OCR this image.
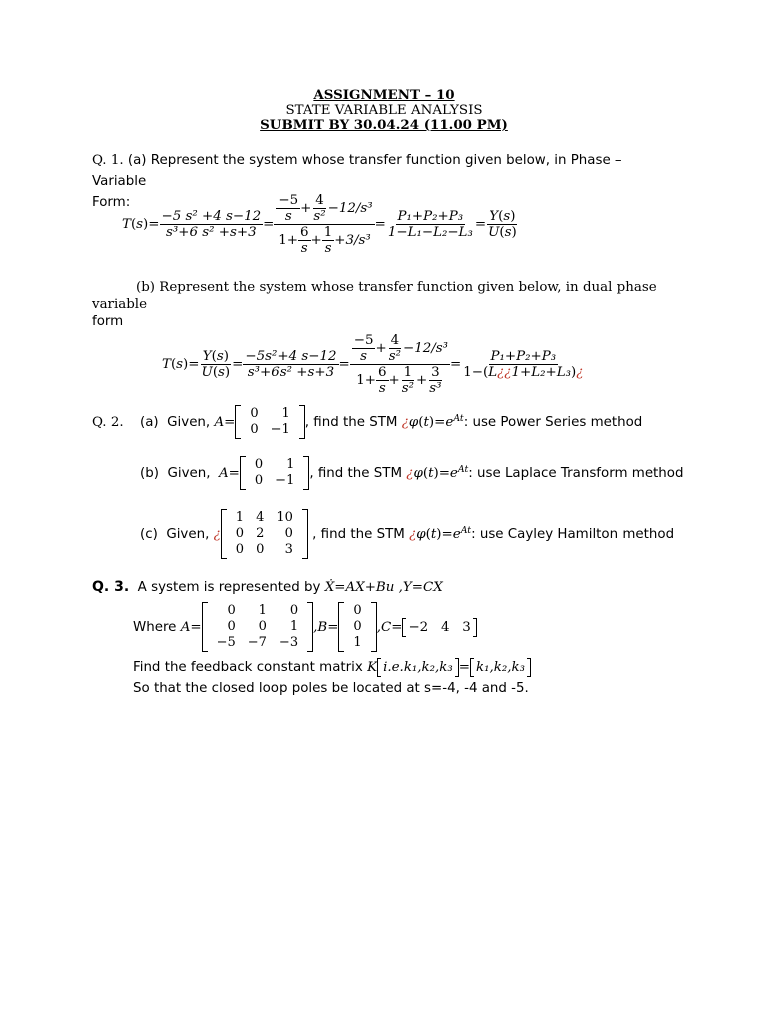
ASSIGNMENT – 10
STATE VARIABLE ANALYSIS
SUBMIT BY 30.04.24 (11.00 PM)
Q. 1. (a) Represent the system whose transfer function given below, in Phase – Variable
Form:
T ( s ) = $\frac{\text{−5 s² +4 s−12}}{\text{s³+6 s² +s+3}} = \frac{\frac{-5}{s} + \frac{4}{\text{s²}} -12/s^3}{1+ \frac{6}{s} + \frac{1}{s} +3/s^3} = \frac{\text{P₁+P₂+P₃}}{\text{1−L₁−L₂−L₃}} = \frac{Y ( s )}{U ( s}$ )
(b) Represent the system whose transfer function given below, in dual phase variable
form
T ( s ) = $\frac{Y ( s )}{U ( s}$ ) = $\frac{\text{−5s²+4 s−12}}{\text{s³+6s² +s+3}} = \frac{\frac{-5}{s} + \frac{4}{\text{s²}} -12/s^3}{1+ \frac{6}{s} + \frac{1}{\text{s²}} + \frac{3}{\text{s³}}} = \frac{\text{P₁+P₂+P₃}}{\text{1− ( L ¿¿ 1+L₂+L₃ ) ¿}}$
Q. 2.	(a)
Given,
A=
0	1
0	−1 , find the STM
¿ φ ( t ) $=e^{At}$ : use Power Series method
(b)
Given,
A=
0	1
0	−1 , find the STM
¿ φ ( t ) $=e^{At}$ : use Laplace Transform method
(c)
Given,
¿
1	4	10
0	2	0
0	0	3

, find the STM
¿ φ ( t ) $=e^{At}$ : use Cayley Hamilton method
Q. 3.
A system is represented by
Ẋ=AX+Bu ,Y=CX
Where
A=
0	1	0
0	0	1
−5	−7	−3
,B=
0
0
1
,C= −2   4   3
Find the feedback constant matrix
K i.e.k₁,k₂,k₃ = k₁,k₂,k₃
So that the closed loop poles be located at s=-4, -4 and -5.
